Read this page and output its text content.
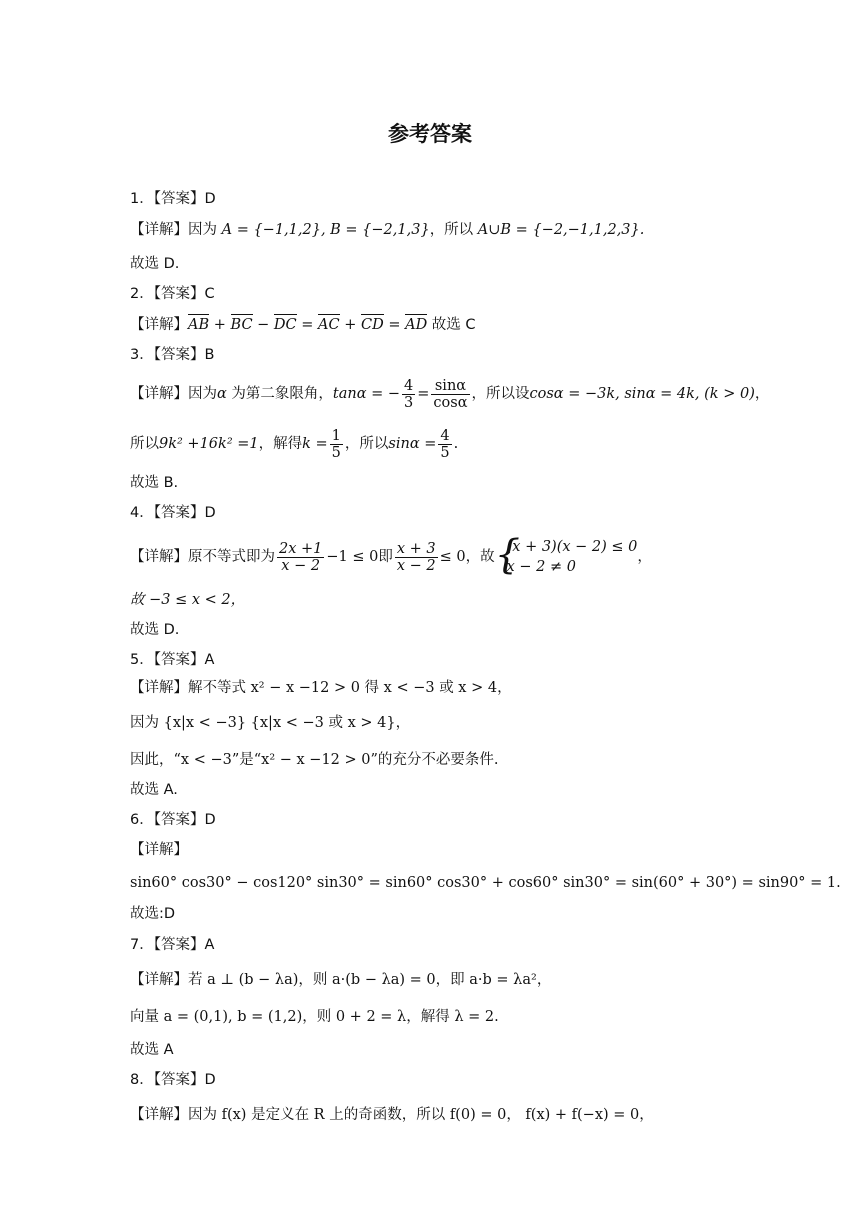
参考答案
1．【答案】D
【详解】因为 A = {−1,1,2}, B = {−2,1,3}，所以 A∪B = {−2,−1,1,2,3}.
故选 D.
2．【答案】C
【详解】AB + BC − DC = AC + CD = AD 故选 C
3．【答案】B
【详解】因为α 为第二象限角，tanα = − $\frac{4}{3} = \frac{\sin\alpha}{\cos\alpha}$ ，所以设cosα = −3k, sinα = 4k, (k > 0)，
所以9k² +16k² =1，解得$k = \frac{1}{5}$ ，所以$\sin\alpha = \frac{4}{5}$ .
故选 B.
4．【答案】D
【详解】原不等式即为 $\frac{2x +1}{x - 2} -1 \le 0$即 $\frac{x + 3}{x - 2} \le 0$，故 {
(x + 3)(x − 2) ≤ 0
x − 2 ≠ 0
，
故 −3 ≤ x < 2，
故选 D.
5．【答案】A
【详解】解不等式 x² − x −12 > 0 得 x < −3 或 x > 4，
因为 {x|x < −3} {x|x < −3 或 x > 4}，
因此，“x < −3”是“x² − x −12 > 0”的充分不必要条件.
故选 A.
6．【答案】D
【详解】
sin60° cos30° − cos120° sin30° = sin60° cos30° + cos60° sin30° = sin(60° + 30°) = sin90° = 1.
故选:D
7．【答案】A
【详解】若 a ⊥ (b − λa)，则 a·(b − λa) = 0，即 a·b = λa²，
向量 a = (0,1), b = (1,2)，则 0 + 2 = λ，解得 λ = 2.
故选 A
8．【答案】D
【详解】因为 f(x) 是定义在 R 上的奇函数，所以 f(0) = 0， f(x) + f(−x) = 0，
